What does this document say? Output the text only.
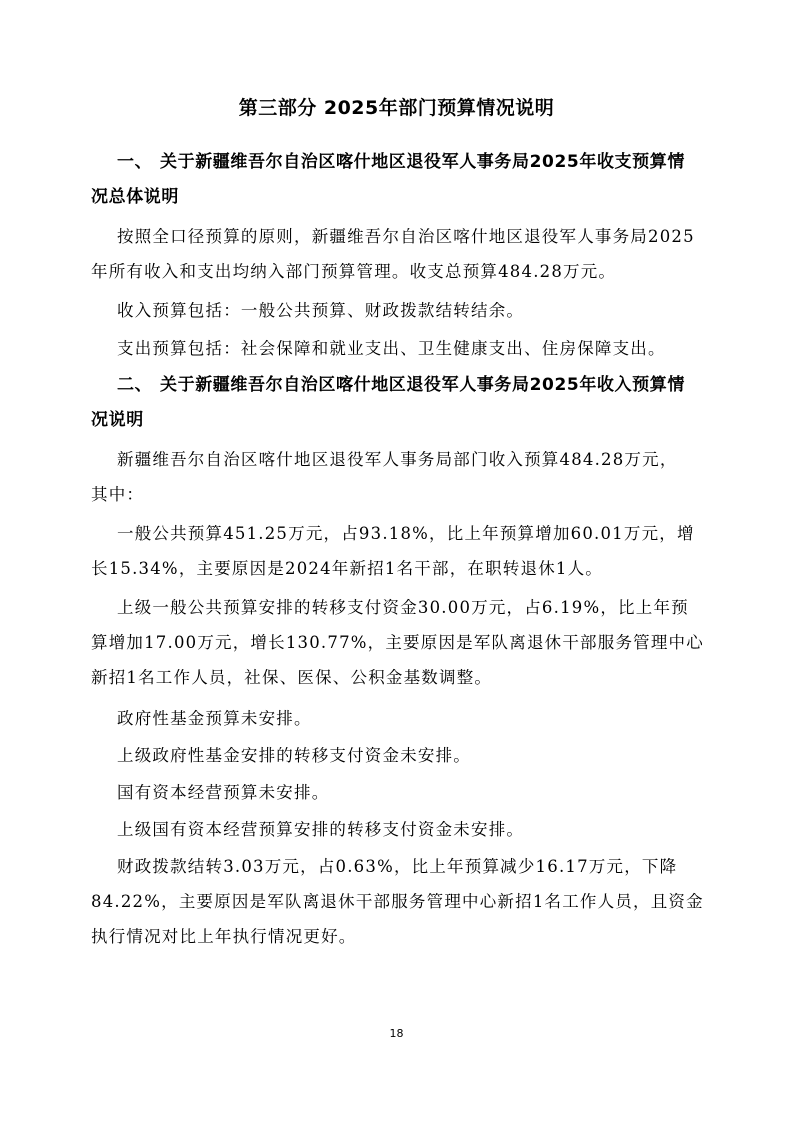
第三部分 2025年部门预算情况说明
一、 关于新疆维吾尔自治区喀什地区退役军人事务局2025年收支预算情
况总体说明
按照全口径预算的原则，新疆维吾尔自治区喀什地区退役军人事务局2025
年所有收入和支出均纳入部门预算管理。收支总预算484.28万元。
收入预算包括：一般公共预算、财政拨款结转结余。
支出预算包括：社会保障和就业支出、卫生健康支出、住房保障支出。
二、 关于新疆维吾尔自治区喀什地区退役军人事务局2025年收入预算情
况说明
新疆维吾尔自治区喀什地区退役军人事务局部门收入预算484.28万元，
其中：
一般公共预算451.25万元，占93.18%，比上年预算增加60.01万元，增
长15.34%，主要原因是2024年新招1名干部，在职转退休1人。
上级一般公共预算安排的转移支付资金30.00万元，占6.19%，比上年预
算增加17.00万元，增长130.77%，主要原因是军队离退休干部服务管理中心
新招1名工作人员，社保、医保、公积金基数调整。
政府性基金预算未安排。
上级政府性基金安排的转移支付资金未安排。
国有资本经营预算未安排。
上级国有资本经营预算安排的转移支付资金未安排。
财政拨款结转3.03万元，占0.63%，比上年预算减少16.17万元，下降
84.22%，主要原因是军队离退休干部服务管理中心新招1名工作人员，且资金
执行情况对比上年执行情况更好。
18
